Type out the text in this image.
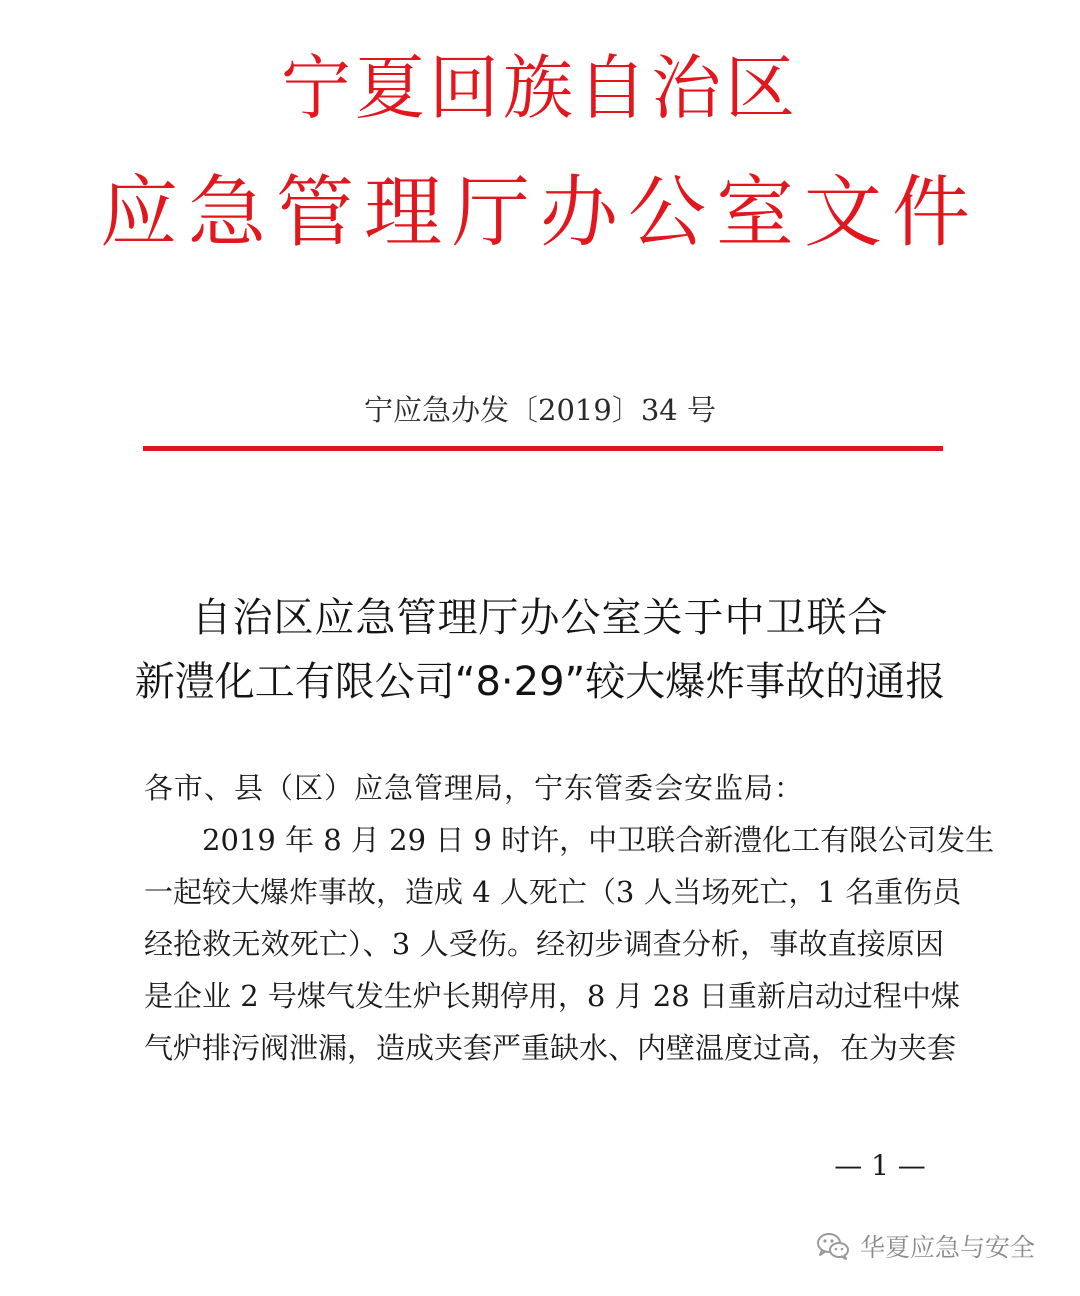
宁夏回族自治区
应急管理厅办公室文件
宁应急办发〔2019〕34 号
自治区应急管理厅办公室关于中卫联合
新澧化工有限公司“8·29”较大爆炸事故的通报
各市、县（区）应急管理局，宁东管委会安监局：
2019 年 8 月 29 日 9 时许，中卫联合新澧化工有限公司发生
一起较大爆炸事故，造成 4 人死亡（3 人当场死亡，1 名重伤员
经抢救无效死亡）、3 人受伤。经初步调查分析，事故直接原因
是企业 2 号煤气发生炉长期停用，8 月 28 日重新启动过程中煤
气炉排污阀泄漏，造成夹套严重缺水、内壁温度过高，在为夹套
— 1 —
华夏应急与安全
